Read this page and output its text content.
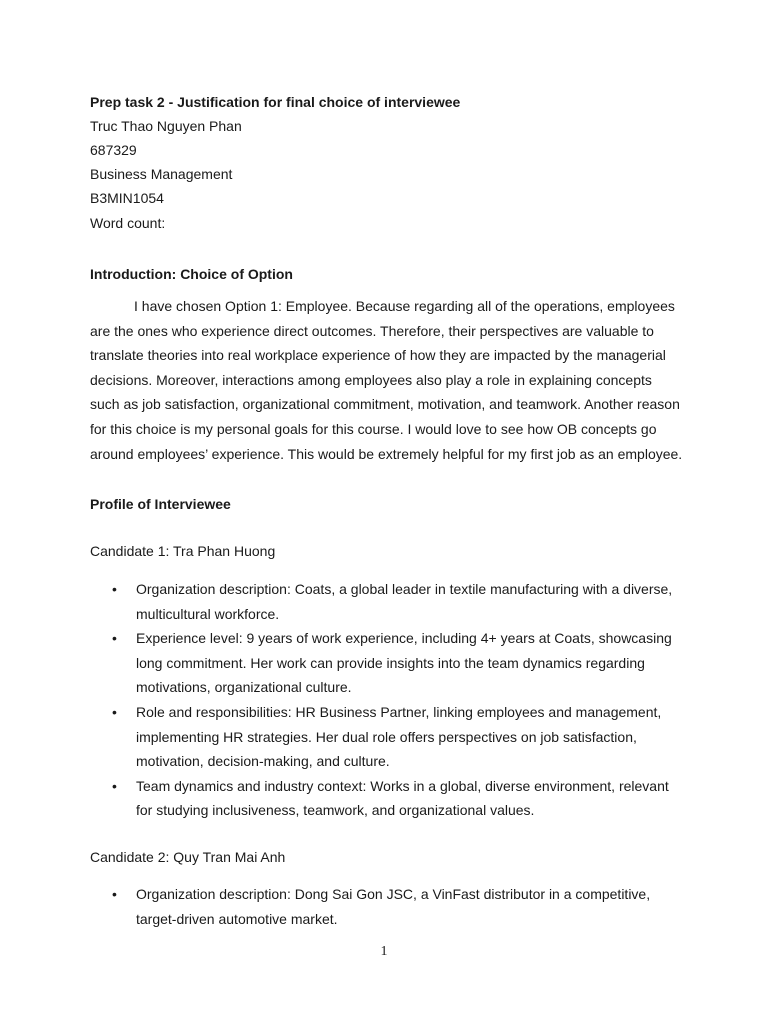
Prep task 2 - Justification for final choice of interviewee
Truc Thao Nguyen Phan
687329
Business Management
B3MIN1054
Word count:
Introduction: Choice of Option
I have chosen Option 1: Employee. Because regarding all of the operations, employees
are the ones who experience direct outcomes. Therefore, their perspectives are valuable to
translate theories into real workplace experience of how they are impacted by the managerial
decisions. Moreover, interactions among employees also play a role in explaining concepts
such as job satisfaction, organizational commitment, motivation, and teamwork. Another reason
for this choice is my personal goals for this course. I would love to see how OB concepts go
around employees’ experience. This would be extremely helpful for my first job as an employee.
Profile of Interviewee
Candidate 1: Tra Phan Huong
• Organization description: Coats, a global leader in textile manufacturing with a diverse,
multicultural workforce.
• Experience level: 9 years of work experience, including 4+ years at Coats, showcasing
long commitment. Her work can provide insights into the team dynamics regarding
motivations, organizational culture.
• Role and responsibilities: HR Business Partner, linking employees and management,
implementing HR strategies. Her dual role offers perspectives on job satisfaction,
motivation, decision-making, and culture.
• Team dynamics and industry context: Works in a global, diverse environment, relevant
for studying inclusiveness, teamwork, and organizational values.
Candidate 2: Quy Tran Mai Anh
• Organization description: Dong Sai Gon JSC, a VinFast distributor in a competitive,
target-driven automotive market.
1
